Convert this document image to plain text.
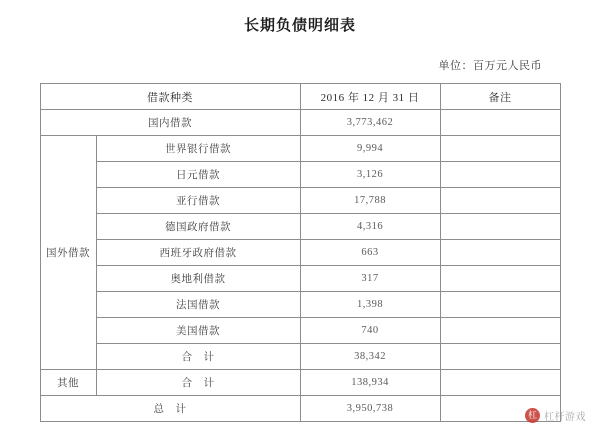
长期负债明细表
单位：百万元人民币
借款种类		2016 年 12 月 31 日	备注
国内借款		3,773,462	
国外借款	世界银行借款	9,994	
	日元借款	3,126	
	亚行借款	17,788	
	德国政府借款	4,316	
	西班牙政府借款	663	
	奥地利借款	317	
	法国借款	1,398	
	美国借款	740	
	合　计	38,342	
其他	合　计	138,934	
总　计		3,950,738	
杠 杠杆游戏
